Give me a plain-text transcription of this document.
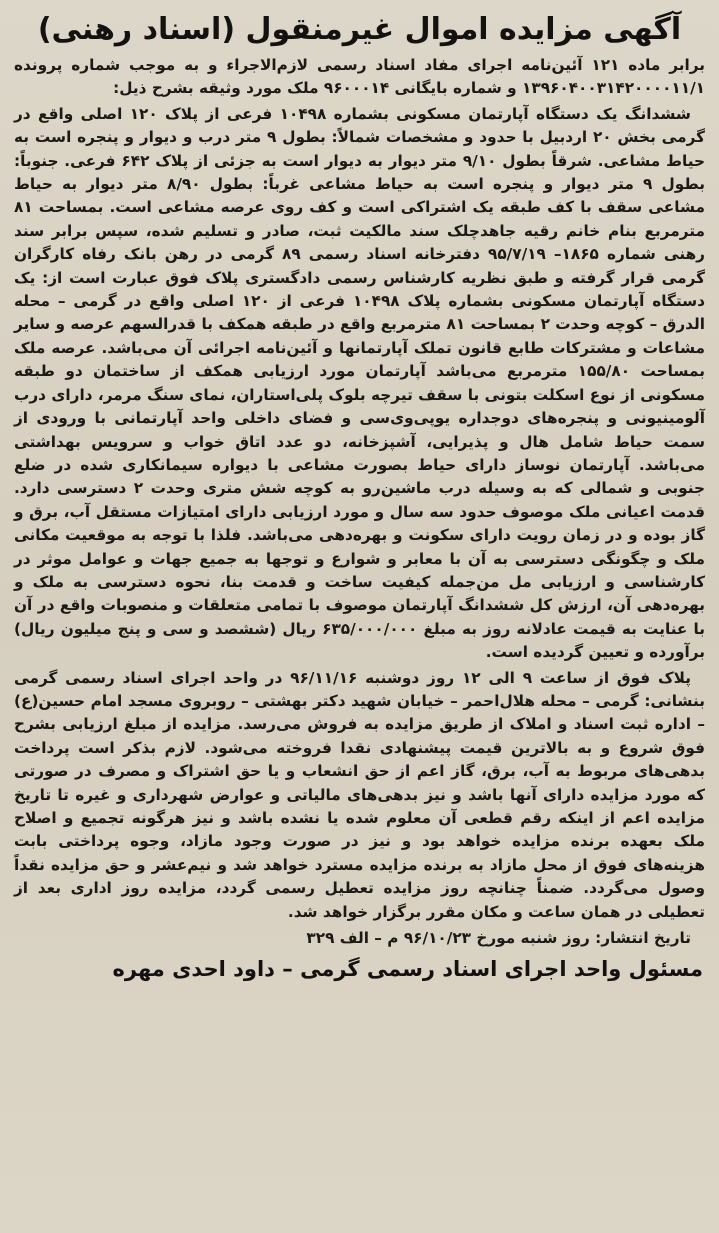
آگهی مزایده اموال غیرمنقول (اسناد رهنی)

برابر ماده ۱۲۱ آئین‌نامه اجرای مفاد اسناد رسمی لازم‌الاجراء و به موجب شماره پرونده ۱۳۹۶۰۴۰۰۳۱۴۲۰۰۰۰۱۱/۱ و شماره بایگانی ۹۶۰۰۰۱۴ ملک مورد وثیقه بشرح ذیل:

ششدانگ یک دستگاه آپارتمان مسکونی بشماره ۱۰۴۹۸ فرعی از پلاک ۱۲۰ اصلی واقع در گرمی بخش ۲۰ اردبیل با حدود و مشخصات شمالاً: بطول ۹ متر درب و دیوار و پنجره است به حیاط مشاعی. شرقاً بطول ۹/۱۰ متر دیوار به دیوار است به جزئی از پلاک ۶۴۲ فرعی. جنوباً: بطول ۹ متر دیوار و پنجره است به حیاط مشاعی غرباً: بطول ۸/۹۰ متر دیوار به حیاط مشاعی سقف با کف طبقه یک اشتراکی است و کف روی عرصه مشاعی است. بمساحت ۸۱ مترمربع بنام خانم رقیه جاهدچلک سند مالکیت ثبت، صادر و تسلیم شده، سپس برابر سند رهنی شماره ۱۸۶۵– ۹۵/۷/۱۹ دفترخانه اسناد رسمی ۸۹ گرمی در رهن بانک رفاه کارگران گرمی قرار گرفته و طبق نظریه کارشناس رسمی دادگستری پلاک فوق عبارت است از: یک دستگاه آپارتمان مسکونی بشماره پلاک ۱۰۴۹۸ فرعی از ۱۲۰ اصلی واقع در گرمی – محله الدرق – کوچه وحدت ۲ بمساحت ۸۱ مترمربع واقع در طبقه همکف با قدرالسهم عرصه و سایر مشاعات و مشترکات طابع قانون تملک آپارتمانها و آئین‌نامه اجرائی آن می‌باشد. عرصه ملک بمساحت ۱۵۵/۸۰ مترمربع می‌باشد آپارتمان مورد ارزیابی همکف از ساختمان دو طبقه مسکونی از نوع اسکلت بتونی با سقف تیرچه بلوک پلی‌استاران، نمای سنگ مرمر، دارای درب آلومینیونی و پنجره‌های دوجداره یوپی‌وی‌سی و فضای داخلی واحد آپارتمانی با ورودی از سمت حیاط شامل هال و پذیرایی، آشپزخانه، دو عدد اتاق خواب و سرویس بهداشتی می‌باشد. آپارتمان نوساز دارای حیاط بصورت مشاعی با دیواره سیمانکاری شده در ضلع جنوبی و شمالی که به وسیله درب ماشین‌رو به کوچه شش متری وحدت ۲ دسترسی دارد. قدمت اعیانی ملک موصوف حدود سه سال و مورد ارزیابی دارای امتیازات مستقل آب، برق و گاز بوده و در زمان رویت دارای سکونت و بهره‌دهی می‌باشد. فلذا با توجه به موقعیت مکانی ملک و چگونگی دسترسی به آن با معابر و شوارع و توجها به جمیع جهات و عوامل موثر در کارشناسی و ارزیابی مل من‌جمله کیفیت ساخت و قدمت بنا، نحوه دسترسی به ملک و بهره‌دهی آن، ارزش کل ششدانگ آپارتمان موصوف با تمامی متعلقات و منصوبات واقع در آن با عنایت به قیمت عادلانه روز به مبلغ ۶۳۵/۰۰۰/۰۰۰ ریال (ششصد و سی و پنج میلیون ریال) برآورده و تعیین گردیده است.

پلاک فوق از ساعت ۹ الی ۱۲ روز دوشنبه ۹۶/۱۱/۱۶ در واحد اجرای اسناد رسمی گرمی بنشانی: گرمی – محله هلال‌احمر – خیابان شهید دکتر بهشتی – روبروی مسجد امام حسین(ع) – اداره ثبت اسناد و املاک از طریق مزایده به فروش می‌رسد. مزایده از مبلغ ارزیابی بشرح فوق شروع و به بالاترین قیمت پیشنهادی نقدا فروخته می‌شود. لازم بذکر است پرداخت بدهی‌های مربوط به آب، برق، گاز اعم از حق انشعاب و یا حق اشتراک و مصرف در صورتی که مورد مزایده دارای آنها باشد و نیز بدهی‌های مالیاتی و عوارض شهرداری و غیره تا تاریخ مزایده اعم از اینکه رقم قطعی آن معلوم شده یا نشده باشد و نیز هرگونه تجمیع و اصلاح ملک بعهده برنده مزایده خواهد بود و نیز در صورت وجود مازاد، وجوه پرداختی بابت هزینه‌های فوق از محل مازاد به برنده مزایده مسترد خواهد شد و نیم‌عشر و حق مزایده نقداً وصول می‌گردد. ضمناً چنانچه روز مزایده تعطیل رسمی گردد، مزایده روز اداری بعد از تعطیلی در همان ساعت و مکان مقرر برگزار خواهد شد.

تاریخ انتشار: روز شنبه مورخ ۹۶/۱۰/۲۳ م – الف ۳۲۹

مسئول واحد اجرای اسناد رسمی گرمی – داود احدی مهره
